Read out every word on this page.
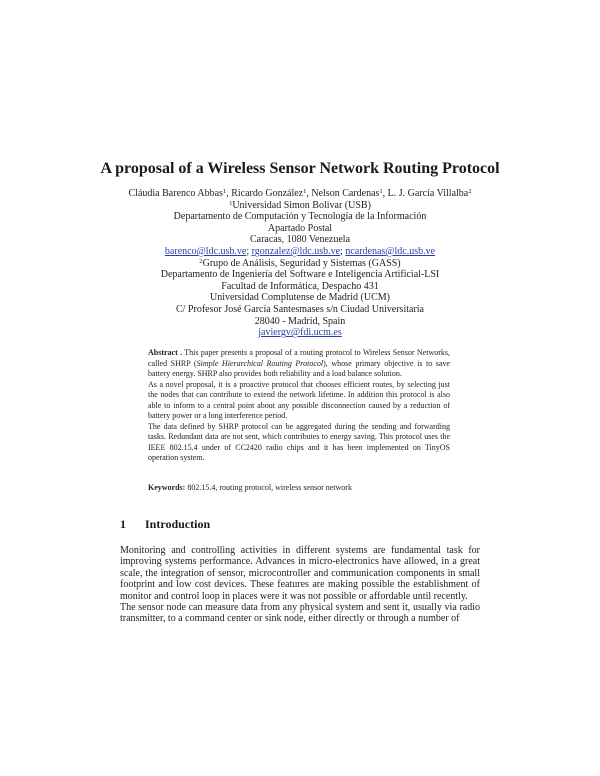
A proposal of a Wireless Sensor Network Routing Protocol
Cláudia Barenco Abbas$^1$, Ricardo González$^1$, Nelson Cardenas$^1$, L. J. García Villalba$^2$
$^1$Universidad Simon Bolivar (USB)
Departamento de Computación y Tecnología de la Información
Apartado Postal
Caracas, 1080 Venezuela
barenco@ldc.usb.ve; rgonzalez@ldc.usb.ve; ncardenas@ldc.usb.ve
$^2$Grupo de Análisis, Seguridad y Sistemas (GASS)
Departamento de Ingeniería del Software e Inteligencia Artificial-LSI
Facultad de Informática, Despacho 431
Universidad Complutense de Madrid (UCM)
C/ Profesor José García Santesmases s/n Ciudad Universitaria
28040 - Madrid, Spain
javiergv@fdi.ucm.es

Abstract . This paper presents a proposal of a routing protocol to Wireless Sensor Networks, called SHRP (Simple Hierarchical Routing Protocol), whose primary objective is to save battery energy. SHRP also provides both reliability and a load balance solution.

As a novel proposal, it is a proactive protocol that chooses efficient routes, by selecting just the nodes that can contribute to extend the network lifetime. In addition this protocol is also able to inform to a central point about any possible disconnection caused by a reduction of battery power or a long interference period.

The data defined by SHRP protocol can be aggregated during the sending and forwarding tasks. Redundant data are not sent, which contributes to energy saving. This protocol uses the IEEE 802.15.4 under of CC2420 radio chips and it has been implemented on TinyOS operation system.

Keywords: 802.15.4, routing protocol, wireless sensor network
1 Introduction

Monitoring and controlling activities in different systems are fundamental task for improving systems performance. Advances in micro-electronics have allowed, in a great scale, the integration of sensor, microcontroller and communication components in small footprint and low cost devices. These features are making possible the establishment of monitor and control loop in places were it was not possible or affordable until recently.

The sensor node can measure data from any physical system and sent it, usually via radio transmitter, to a command center or sink node, either directly or through a number of
